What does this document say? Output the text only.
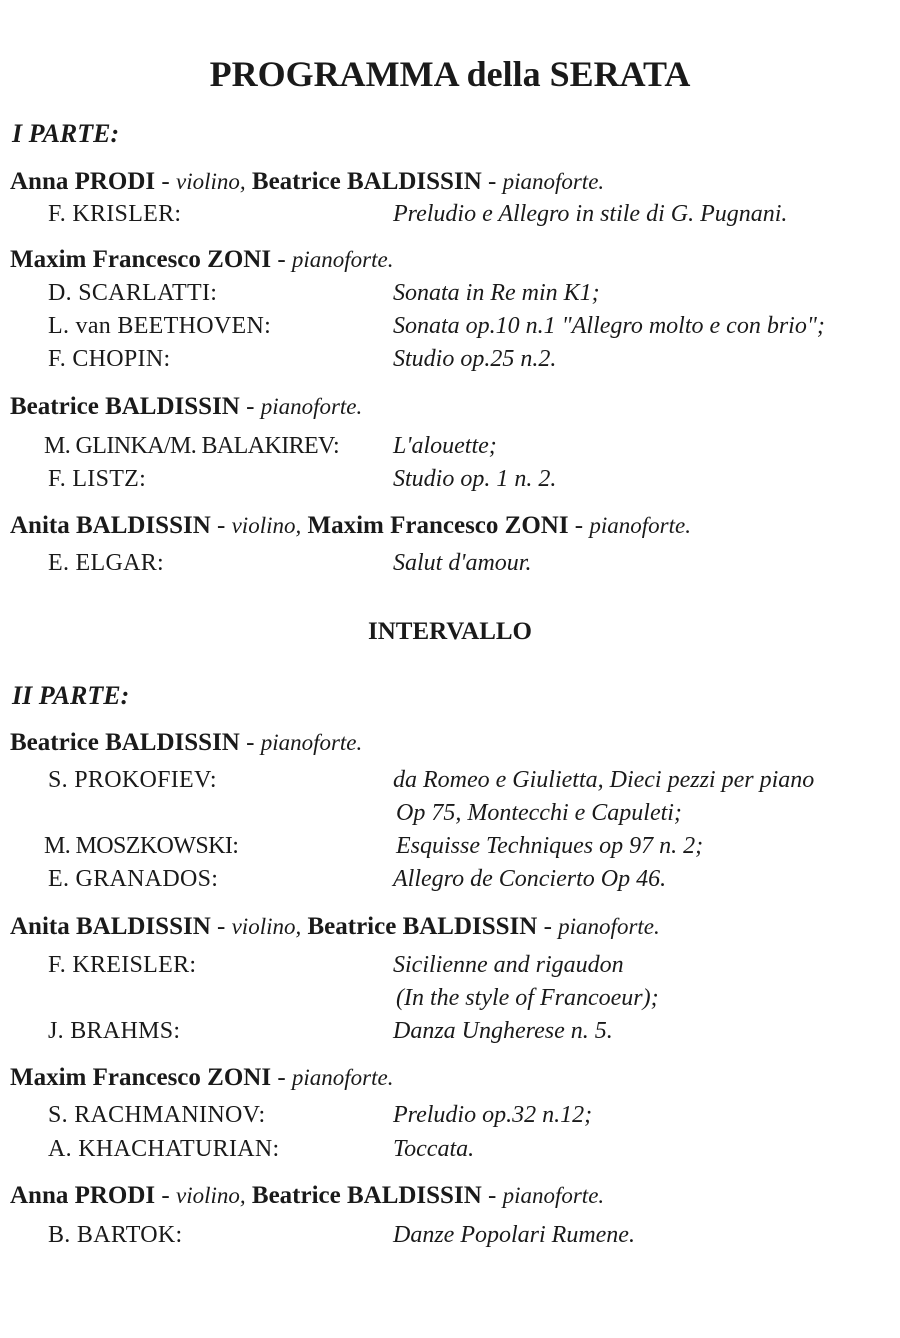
PROGRAMMA della SERATA
I PARTE:
Anna PRODI - violino, Beatrice BALDISSIN - pianoforte.
F. KRISLER:	Preludio e Allegro in stile di G. Pugnani.
Maxim Francesco ZONI - pianoforte.
D. SCARLATTI:	Sonata in Re min K1;
L. van BEETHOVEN:	Sonata op.10 n.1 "Allegro molto e con brio";
F. CHOPIN:	Studio op.25 n.2.
Beatrice BALDISSIN - pianoforte.
M. GLINKA/M. BALAKIREV: L'alouette;
F. LISTZ:	Studio op. 1 n. 2.
Anita BALDISSIN - violino, Maxim Francesco ZONI - pianoforte.
E. ELGAR:	Salut d'amour.
INTERVALLO
II PARTE:
Beatrice BALDISSIN - pianoforte.
S. PROKOFIEV:	da Romeo e Giulietta, Dieci pezzi per piano
Op 75, Montecchi e Capuleti;
M. MOSZKOWSKI:	Esquisse Techniques op 97 n. 2;
E. GRANADOS:	Allegro de Concierto Op 46.
Anita BALDISSIN - violino, Beatrice BALDISSIN - pianoforte.
F. KREISLER:	Sicilienne and rigaudon
(In the style of Francoeur);
J. BRAHMS:	Danza Ungherese n. 5.
Maxim Francesco ZONI - pianoforte.
S. RACHMANINOV:	Preludio op.32 n.12;
A. KHACHATURIAN:	Toccata.
Anna PRODI - violino, Beatrice BALDISSIN - pianoforte.
B. BARTOK:	Danze Popolari Rumene.
